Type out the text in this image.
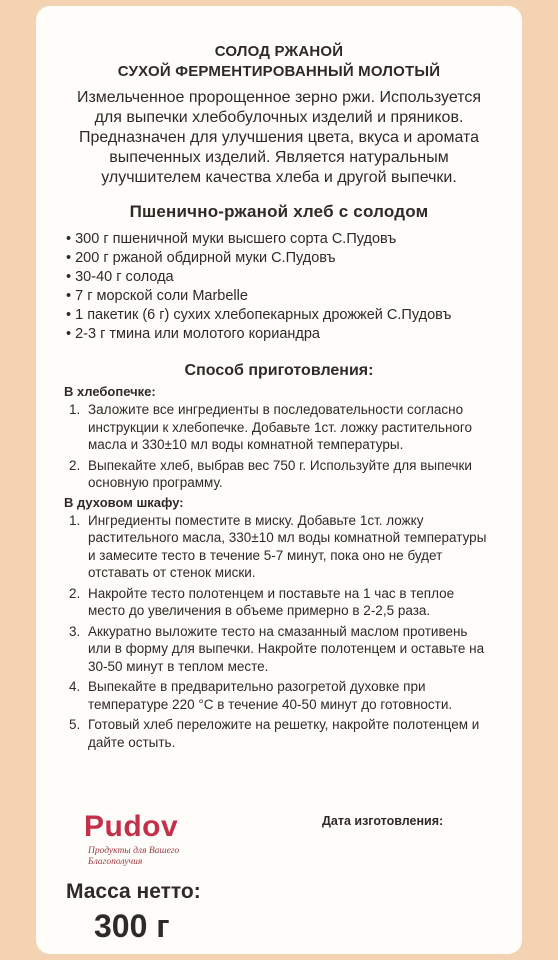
СОЛОД РЖАНОЙ
СУХОЙ ФЕРМЕНТИРОВАННЫЙ МОЛОТЫЙ
Измельченное пророщенное зерно ржи. Используется для выпечки хлебобулочных изделий и пряников. Предназначен для улучшения цвета, вкуса и аромата выпеченных изделий. Является натуральным улучшителем качества хлеба и другой выпечки.
Пшенично-ржаной хлеб с солодом
• 300 г пшеничной муки высшего сорта С.Пудовъ
• 200 г ржаной обдирной муки С.Пудовъ
• 30-40 г солода
• 7 г морской соли Marbelle
• 1 пакетик (6 г) сухих хлебопекарных дрожжей С.Пудовъ
• 2-3 г тмина или молотого кориандра
Способ приготовления:
В хлебопечке:
1. Заложите все ингредиенты в последовательности согласно инструкции к хлебопечке. Добавьте 1ст. ложку растительного масла и 330±10 мл воды комнатной температуры.
2. Выпекайте хлеб, выбрав вес 750 г. Используйте для выпечки основную программу.
В духовом шкафу:
1. Ингредиенты поместите в миску. Добавьте 1ст. ложку растительного масла, 330±10 мл воды комнатной температуры и замесите тесто в течение 5-7 минут, пока оно не будет отставать от стенок миски.
2. Накройте тесто полотенцем и поставьте на 1 час в теплое место до увеличения в объеме примерно в 2-2,5 раза.
3. Аккуратно выложите тесто на смазанный маслом противень или в форму для выпечки. Накройте полотенцем и оставьте на 30-50 минут в теплом месте.
4. Выпекайте в предварительно разогретой духовке при температуре 220 °С в течение 40-50 минут до готовности.
5. Готовый хлеб переложите на решетку, накройте полотенцем и дайте остыть.
Pudov
Продукты для Вашего Благополучия
Дата изготовления:
Масса нетто:
300 г
